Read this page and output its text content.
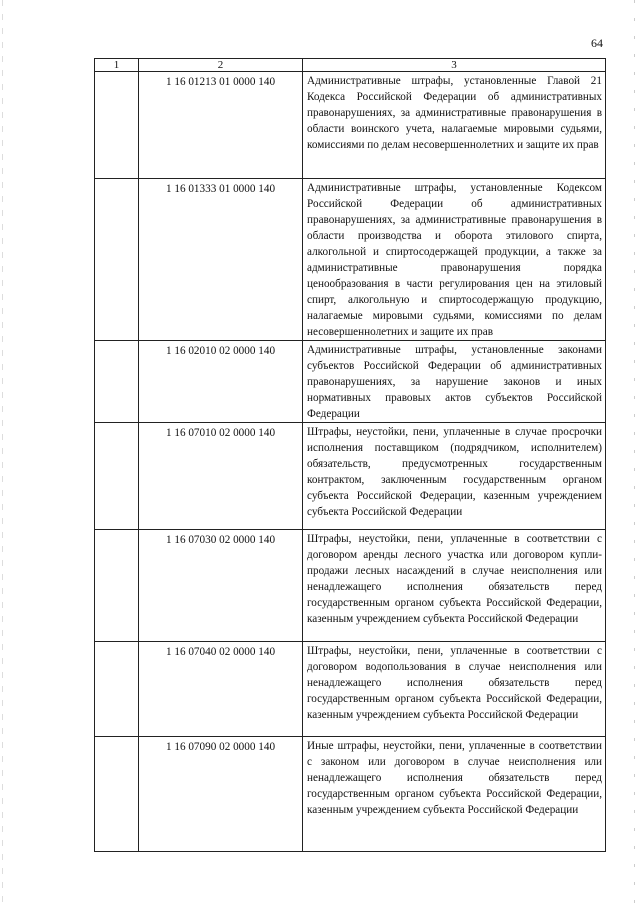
64
1	2	3
	1 16 01213 01 0000 140	Административные штрафы, установленные Главой 21 Кодекса Российской Федерации об административных правонарушениях, за административные правонарушения в области воинского учета, налагаемые мировыми судьями, комиссиями по делам несовершеннолетних и защите их прав
	1 16 01333 01 0000 140	Административные штрафы, установленные Кодексом Российской Федерации об административных правонарушениях, за административные правонарушения в области производства и оборота этилового спирта, алкогольной и спиртосодержащей продукции, а также за административные правонарушения порядка ценообразования в части регулирования цен на этиловый спирт, алкогольную и спиртосодержащую продукцию, налагаемые мировыми судьями, комиссиями по делам несовершеннолетних и защите их прав
	1 16 02010 02 0000 140	Административные штрафы, установленные законами субъектов Российской Федерации об административных правонарушениях, за нарушение законов и иных нормативных правовых актов субъектов Российской Федерации
	1 16 07010 02 0000 140	Штрафы, неустойки, пени, уплаченные в случае просрочки исполнения поставщиком (подрядчиком, исполнителем) обязательств, предусмотренных государственным контрактом, заключенным государственным органом субъекта Российской Федерации, казенным учреждением субъекта Российской Федерации
	1 16 07030 02 0000 140	Штрафы, неустойки, пени, уплаченные в соответствии с договором аренды лесного участка или договором купли-продажи лесных насаждений в случае неисполнения или ненадлежащего исполнения обязательств перед государственным органом субъекта Российской Федерации, казенным учреждением субъекта Российской Федерации
	1 16 07040 02 0000 140	Штрафы, неустойки, пени, уплаченные в соответствии с договором водопользования в случае неисполнения или ненадлежащего исполнения обязательств перед государственным органом субъекта Российской Федерации, казенным учреждением субъекта Российской Федерации
	1 16 07090 02 0000 140	Иные штрафы, неустойки, пени, уплаченные в соответствии с законом или договором в случае неисполнения или ненадлежащего исполнения обязательств перед государственным органом субъекта Российской Федерации, казенным учреждением субъекта Российской Федерации
